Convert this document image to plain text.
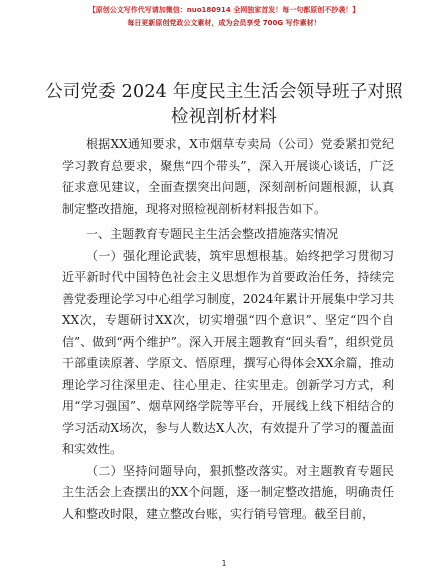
【原创公文写作代写请加微信：nuo180914 全网独家首发！每一句都原创不抄袭！】
每日更新原创党政公文素材，成为会员享受 700G 写作素材！
公司党委 2024 年度民主生活会领导班子对照检视剖析材料

根据XX通知要求，X市烟草专卖局（公司）党委紧扣党纪学习教育总要求，聚焦“四个带头”，深入开展谈心谈话，广泛征求意见建议，全面查摆突出问题，深刻剖析问题根源，认真制定整改措施，现将对照检视剖析材料报告如下。

一、主题教育专题民主生活会整改措施落实情况

（一）强化理论武装，筑牢思想根基。始终把学习贯彻习近平新时代中国特色社会主义思想作为首要政治任务，持续完善党委理论学习中心组学习制度，2024年累计开展集中学习共XX次，专题研讨XX次，切实增强“四个意识”、坚定“四个自信”、做到“两个维护”。深入开展主题教育“回头看”，组织党员干部重读原著、学原文、悟原理，撰写心得体会XX余篇，推动理论学习往深里走、往心里走、往实里走。创新学习方式，利用“学习强国”、烟草网络学院等平台，开展线上线下相结合的学习活动X场次，参与人数达X人次，有效提升了学习的覆盖面和实效性。

（二）坚持问题导向，狠抓整改落实。对主题教育专题民主生活会上查摆出的XX个问题，逐一制定整改措施，明确责任人和整改时限，建立整改台账，实行销号管理。截至目前，

1
